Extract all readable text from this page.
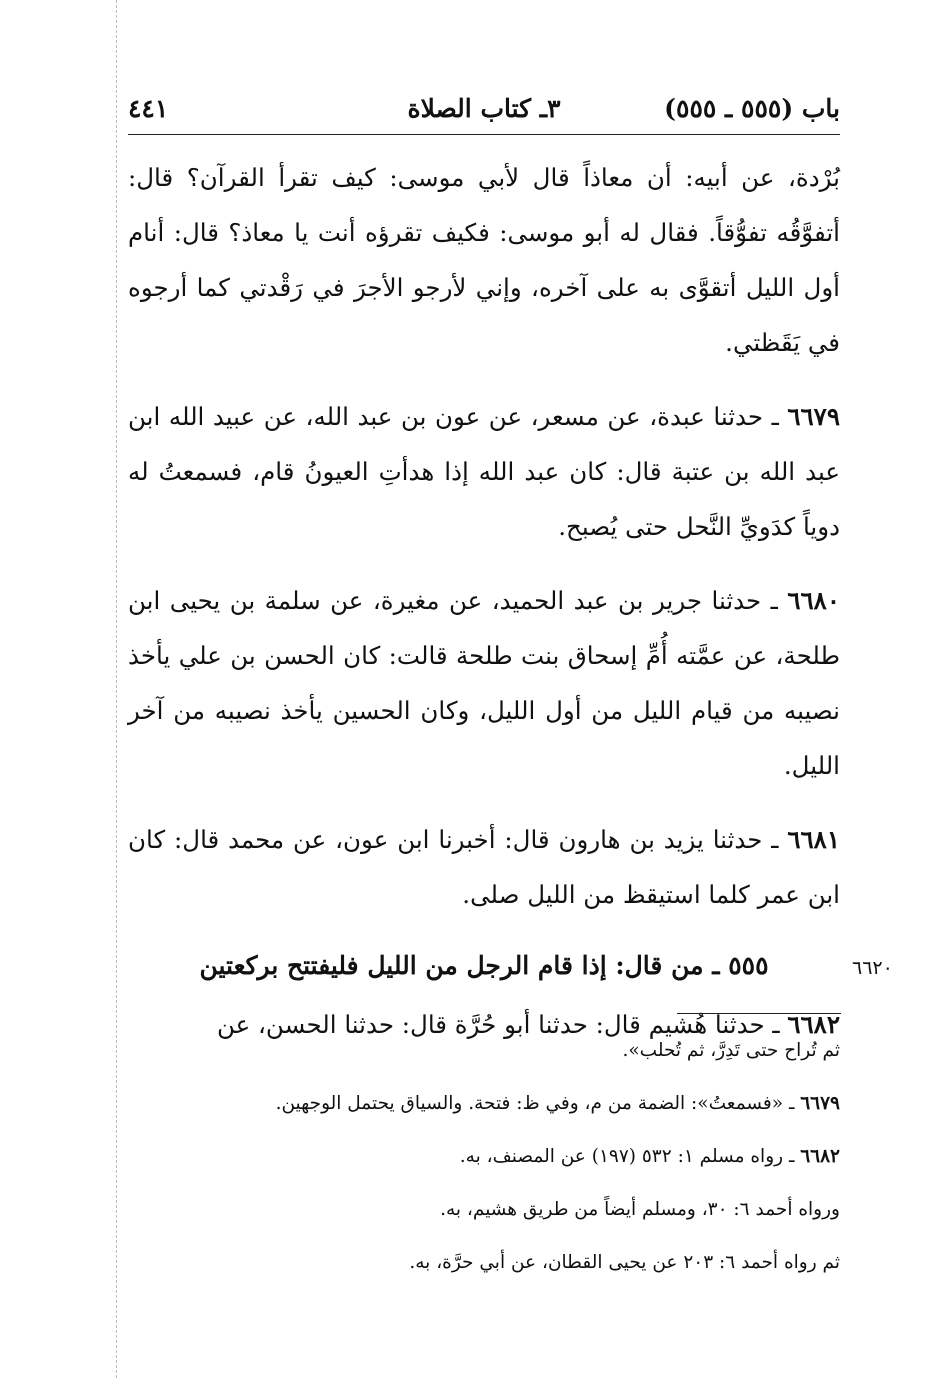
باب (٥٥٥ ـ ٥٥٥)
٣ـ كتاب الصلاة
٤٤١

بُرْدة، عن أبيه: أن معاذاً قال لأبي موسى: كيف تقرأ القرآن؟ قال: أتفوَّقُه تفوُّقاً. فقال له أبو موسى: فكيف تقرؤه أنت يا معاذ؟ قال: أنام أول الليل أتقوَّى به على آخره، وإني لأرجو الأجرَ في رَقْدتي كما أرجوه في يَقَظتي.

٦٦٧٩ ـ حدثنا عبدة، عن مسعر، عن عون بن عبد الله، عن عبيد الله ابن عبد الله بن عتبة قال: كان عبد الله إذا هدأتِ العيونُ قام، فسمعتُ له دوياً كدَويِّ النَّحل حتى يُصبح.

٦٦٨٠ ـ حدثنا جرير بن عبد الحميد، عن مغيرة، عن سلمة بن يحيى ابن طلحة، عن عمَّته أُمِّ إسحاق بنت طلحة قالت: كان الحسن بن علي يأخذ نصيبه من قيام الليل من أول الليل، وكان الحسين يأخذ نصيبه من آخر الليل.

٦٦٨١ ـ حدثنا يزيد بن هارون قال: أخبرنا ابن عون، عن محمد قال: كان ابن عمر كلما استيقظ من الليل صلى.

٥٥٥ ـ من قال: إذا قام الرجل من الليل فليفتتح بركعتين

٦٦٨٢ ـ حدثنا هُشيم قال: حدثنا أبو حُرَّة قال: حدثنا الحسن، عن

٦٦٢٠

ثم تُراح حتى تَدِرَّ، ثم تُحلب».

٦٦٧٩ ـ «فسمعتُ»: الضمة من م، وفي ظ: فتحة. والسياق يحتمل الوجهين.

٦٦٨٢ ـ رواه مسلم ١: ٥٣٢ (١٩٧) عن المصنف، به.

ورواه أحمد ٦: ٣٠، ومسلم أيضاً من طريق هشيم، به.

ثم رواه أحمد ٦: ٢٠٣ عن يحيى القطان، عن أبي حرَّة، به.
